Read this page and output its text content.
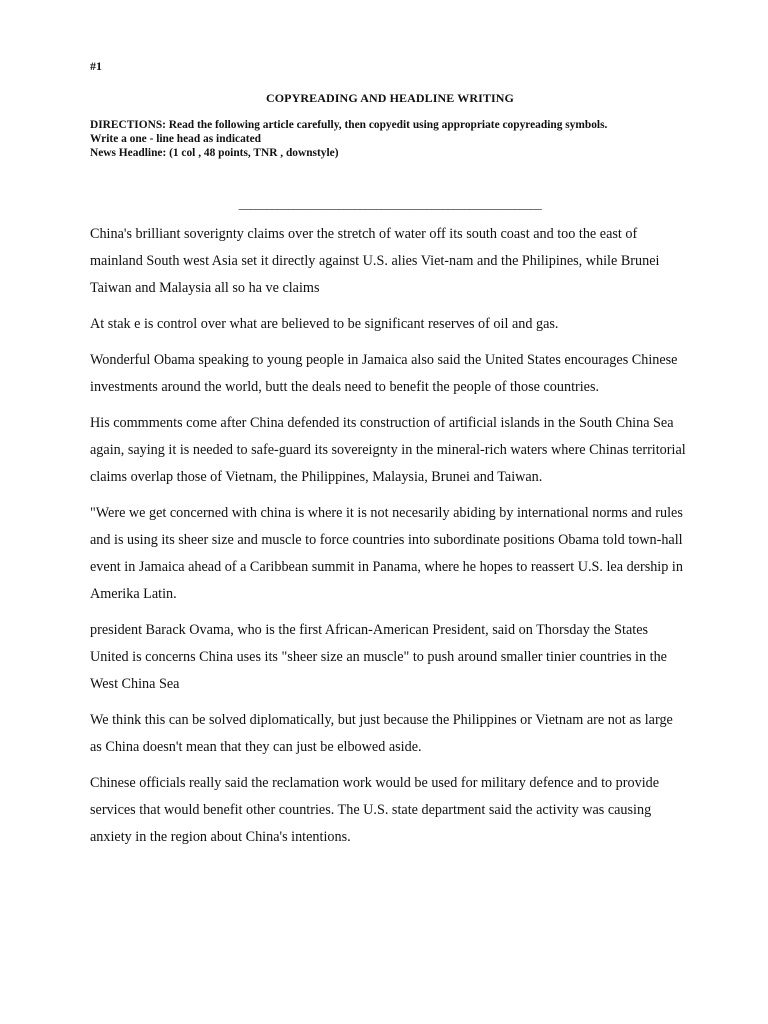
#1

COPYREADING AND HEADLINE WRITING

DIRECTIONS: Read the following article carefully, then copyedit using appropriate copyreading symbols.
Write a one - line head as indicated
News Headline: (1 col , 48 points, TNR , downstyle)
_______________________________________________________

China's brilliant soverignty claims over the stretch of water off its south coast and too the east of mainland South west Asia set it directly against U.S. alies Viet-nam and the Philipines, while Brunei Taiwan and Malaysia all so ha ve claims

At stak e is control over what are believed to be significant reserves of oil and gas.

Wonderful Obama speaking to young people in Jamaica also said the United States encourages Chinese investments around the world, butt the deals need to benefit the people of those countries.

His commments come after China defended its construction of artificial islands in the South China Sea again, saying it is needed to safe-guard its sovereignty in the mineral-rich waters where Chinas territorial claims overlap those of Vietnam, the Philippines, Malaysia, Brunei and Taiwan.

"Were we get concerned with china is where it is not necesarily abiding by international norms and rules and is using its sheer size and muscle to force countries into subordinate positions Obama told town-hall event in Jamaica ahead of a Caribbean summit in Panama, where he hopes to reassert U.S. lea dership in Amerika Latin.

president Barack Ovama, who is the first African-American President, said on Thorsday the States United is concerns China uses its "sheer size an muscle" to push around smaller tinier countries in the West China Sea

We think this can be solved diplomatically, but just because the Philippines or Vietnam are not as large as China doesn't mean that they can just be elbowed aside.

Chinese officials really said the reclamation work would be used for military defence and to provide services that would benefit other countries. The U.S. state department said the activity was causing anxiety in the region about China's intentions.
